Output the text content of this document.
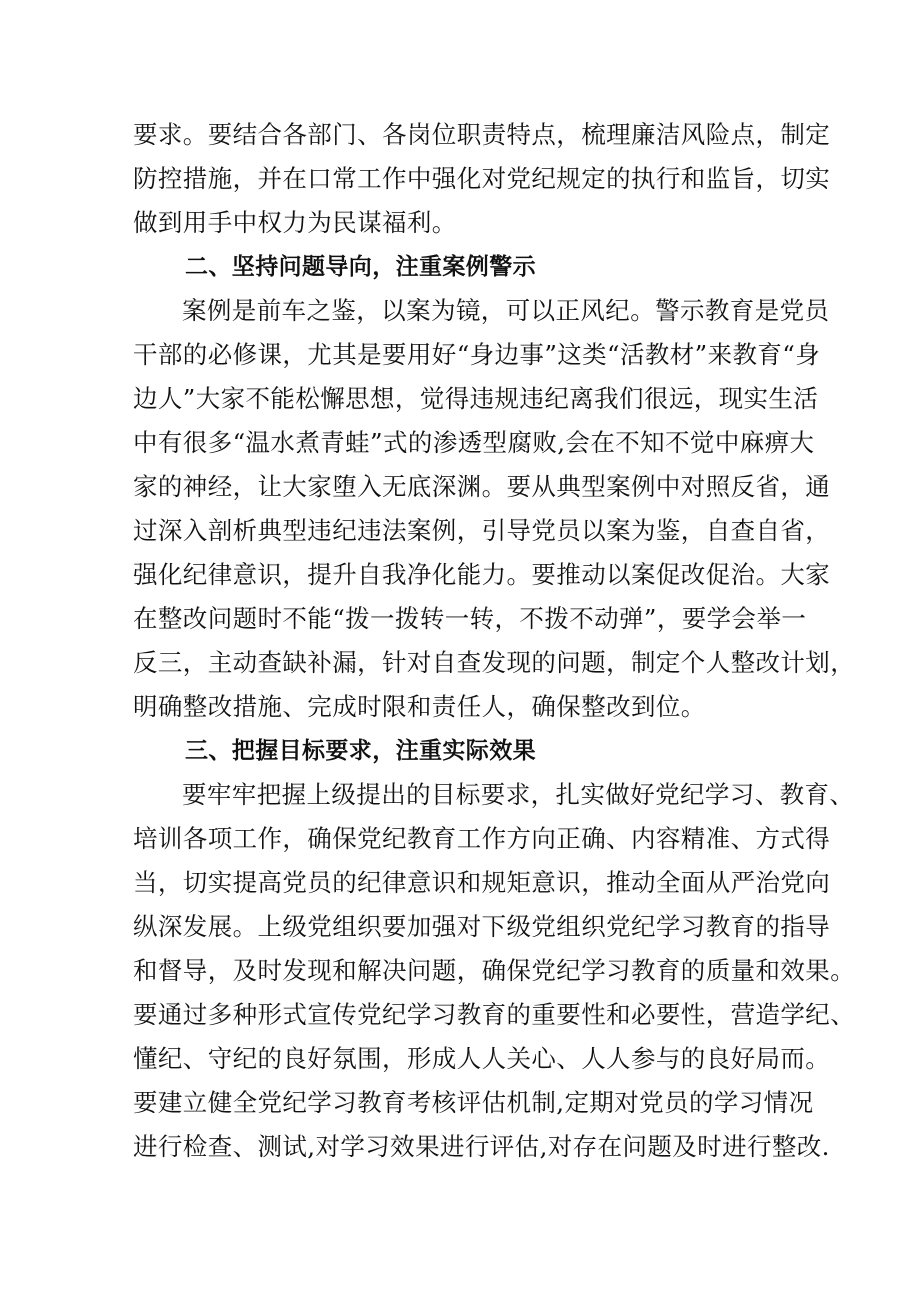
要求。要结合各部门、各岗位职责特点，梳理廉洁风险点，制定
防控措施，并在口常工作中强化对党纪规定的执行和监旨，切实
做到用手中权力为民谋福利。
二、坚持问题导向，注重案例警示
案例是前车之鉴，以案为镜，可以正风纪。警示教育是党员
干部的必修课，尤其是要用好“身边事”这类“活教材”来教育“身
边人”大家不能松懈思想，觉得违规违纪离我们很远，现实生活
中有很多“温水煮青蛙”式的渗透型腐败,会在不知不觉中麻痹大
家的神经，让大家堕入无底深渊。要从典型案例中对照反省，通
过深入剖析典型违纪违法案例，引导党员以案为鉴，自查自省，
强化纪律意识，提升自我净化能力。要推动以案促改促治。大家
在整改问题时不能“拨一拨转一转，不拨不动弹”，要学会举一
反三，主动查缺补漏，针对自查发现的问题，制定个人整改计划，
明确整改措施、完成时限和责任人，确保整改到位。
三、把握目标要求，注重实际效果
要牢牢把握上级提出的目标要求，扎实做好党纪学习、教育、
培训各项工作，确保党纪教育工作方向正确、内容精准、方式得
当，切实提高党员的纪律意识和规矩意识，推动全面从严治党向
纵深发展。上级党组织要加强对下级党组织党纪学习教育的指导
和督导，及时发现和解决问题，确保党纪学习教育的质量和效果。
要通过多种形式宣传党纪学习教育的重要性和必要性，营造学纪、
懂纪、守纪的良好氛围，形成人人关心、人人参与的良好局而。
要建立健全党纪学习教育考核评估机制,定期对党员的学习情况
进行检查、测试,对学习效果进行评估,对存在问题及时进行整改.
